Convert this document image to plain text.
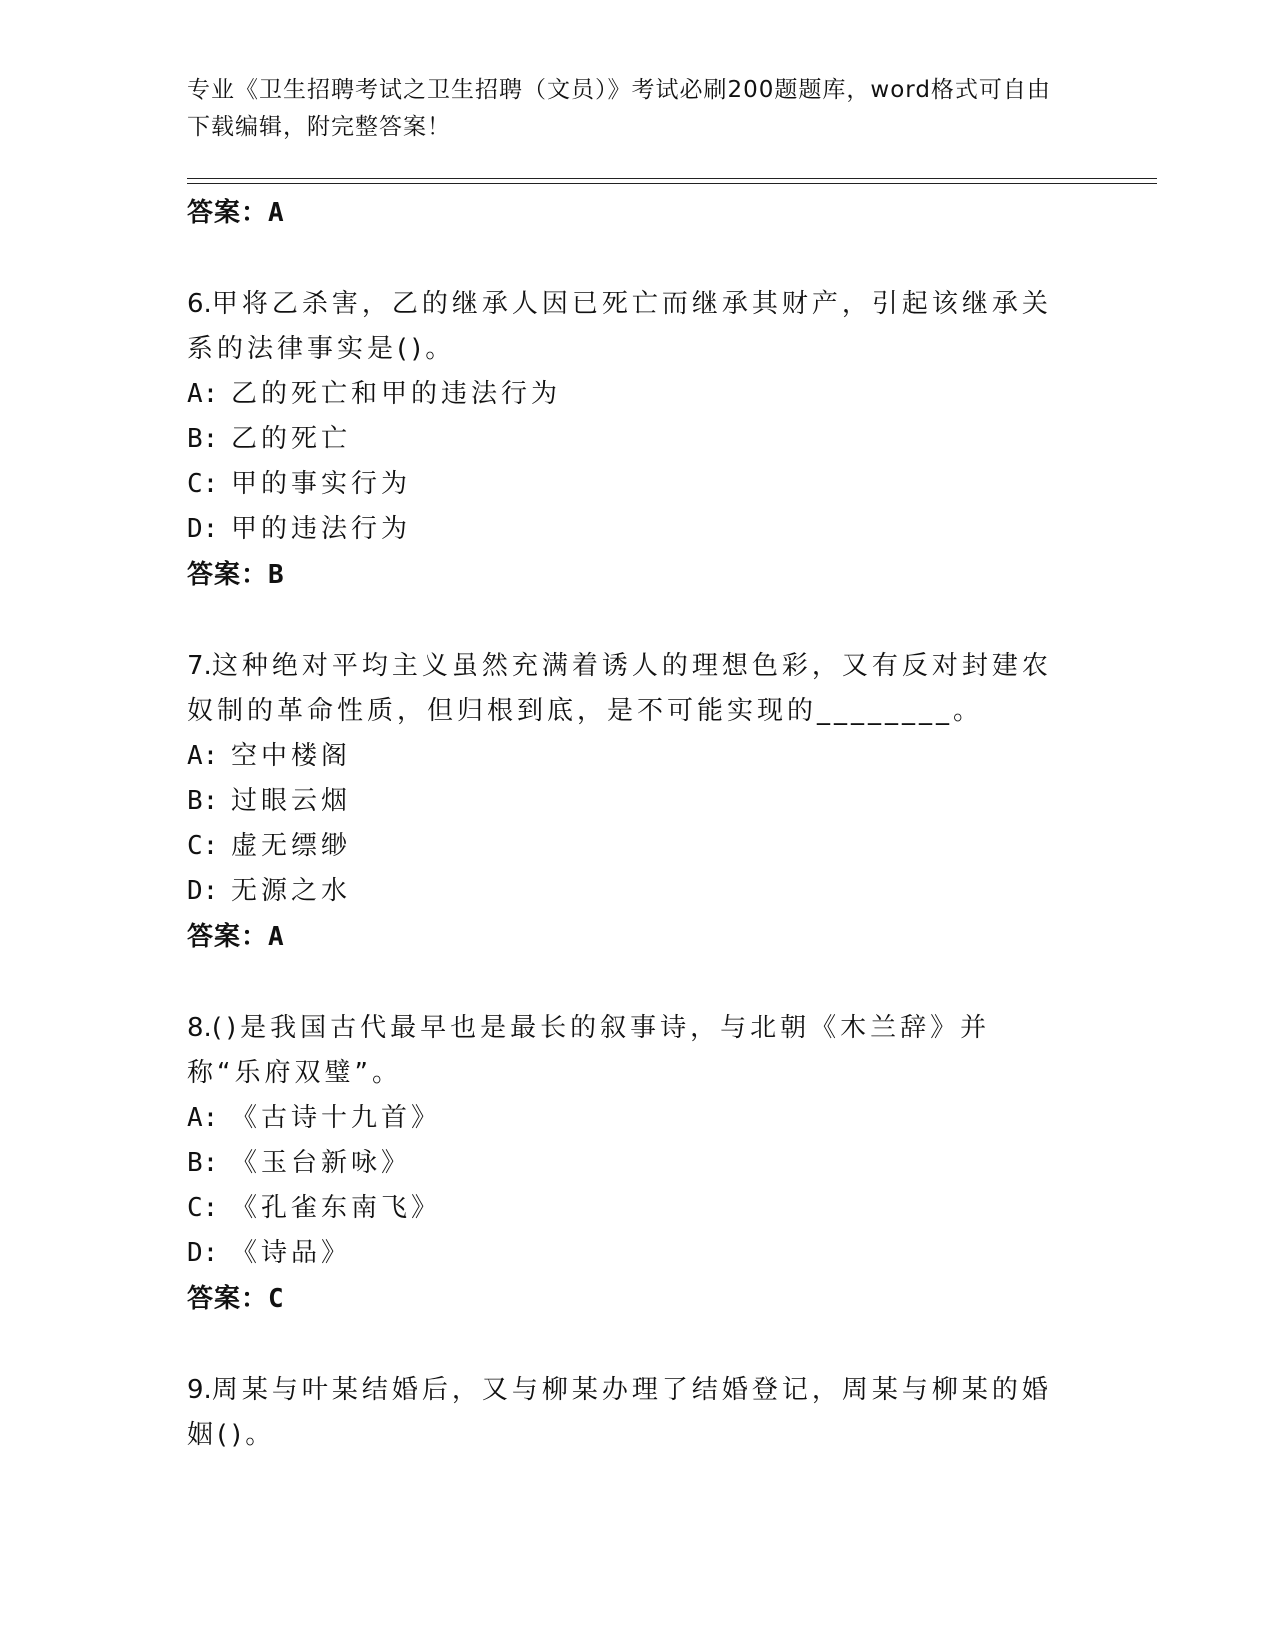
专业《卫生招聘考试之卫生招聘（文员）》考试必刷200题题库，word格式可自由下载编辑，附完整答案！
答案：A
6.甲将乙杀害，乙的继承人因已死亡而继承其财产，引起该继承关系的法律事实是()。
A: 乙的死亡和甲的违法行为
B: 乙的死亡
C: 甲的事实行为
D: 甲的违法行为
答案：B
7.这种绝对平均主义虽然充满着诱人的理想色彩，又有反对封建农奴制的革命性质，但归根到底，是不可能实现的________。
A: 空中楼阁
B: 过眼云烟
C: 虚无缥缈
D: 无源之水
答案：A
8.()是我国古代最早也是最长的叙事诗，与北朝《木兰辞》并称“乐府双璧”。
A: 《古诗十九首》
B: 《玉台新咏》
C: 《孔雀东南飞》
D: 《诗品》
答案：C
9.周某与叶某结婚后，又与柳某办理了结婚登记，周某与柳某的婚姻()。
